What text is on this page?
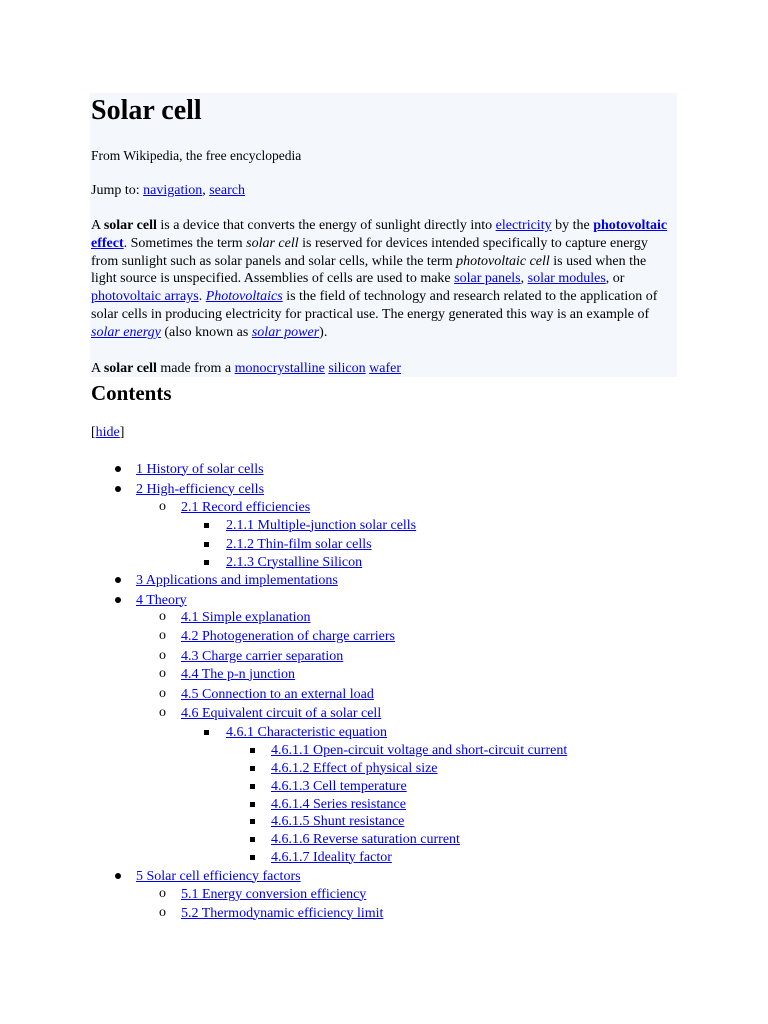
Solar cell
From Wikipedia, the free encyclopedia
Jump to: navigation, search

A solar cell is a device that converts the energy of sunlight directly into electricity by the photovoltaic effect. Sometimes the term solar cell is reserved for devices intended specifically to capture energy from sunlight such as solar panels and solar cells, while the term photovoltaic cell is used when the light source is unspecified. Assemblies of cells are used to make solar panels, solar modules, or photovoltaic arrays. Photovoltaics is the field of technology and research related to the application of solar cells in producing electricity for practical use. The energy generated this way is an example of solar energy (also known as solar power).

A solar cell made from a monocrystalline silicon wafer
Contents
[hide]
1 History of solar cells
2 High-efficiency cells
o 2.1 Record efficiencies
2.1.1 Multiple-junction solar cells
2.1.2 Thin-film solar cells
2.1.3 Crystalline Silicon
3 Applications and implementations
4 Theory
o 4.1 Simple explanation
o 4.2 Photogeneration of charge carriers
o 4.3 Charge carrier separation
o 4.4 The p-n junction
o 4.5 Connection to an external load
o 4.6 Equivalent circuit of a solar cell
4.6.1 Characteristic equation
4.6.1.1 Open-circuit voltage and short-circuit current
4.6.1.2 Effect of physical size
4.6.1.3 Cell temperature
4.6.1.4 Series resistance
4.6.1.5 Shunt resistance
4.6.1.6 Reverse saturation current
4.6.1.7 Ideality factor
5 Solar cell efficiency factors
o 5.1 Energy conversion efficiency
o 5.2 Thermodynamic efficiency limit
